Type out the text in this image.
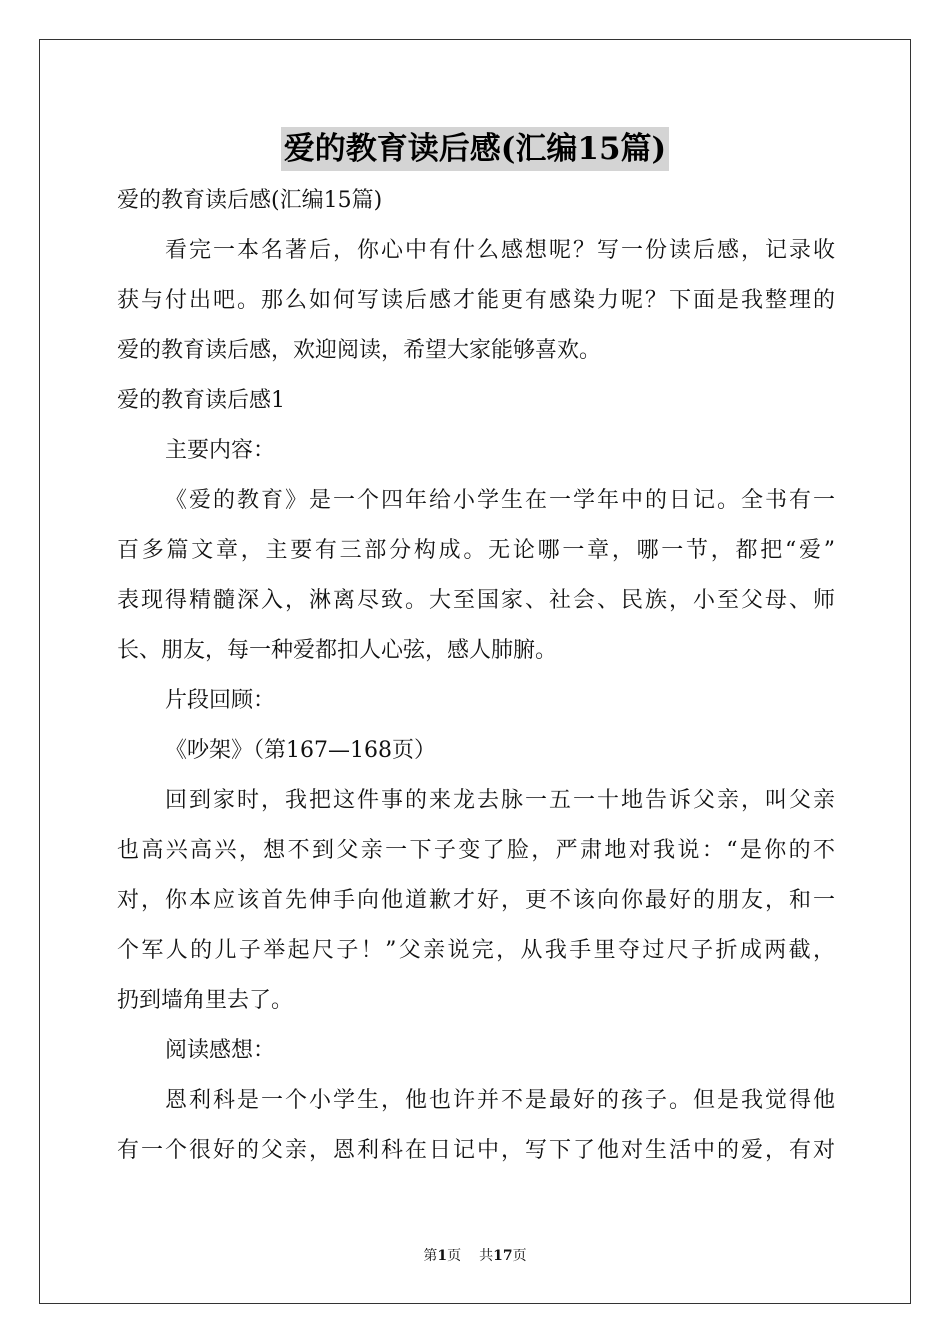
爱的教育读后感(汇编15篇)
爱的教育读后感(汇编15篇)
看完一本名著后，你心中有什么感想呢？写一份读后感，记录收
获与付出吧。那么如何写读后感才能更有感染力呢？下面是我整理的
爱的教育读后感，欢迎阅读，希望大家能够喜欢。
爱的教育读后感1
主要内容：
《爱的教育》是一个四年给小学生在一学年中的日记。全书有一
百多篇文章，主要有三部分构成。无论哪一章，哪一节，都把“爱”
表现得精髓深入，淋离尽致。大至国家、社会、民族，小至父母、师
长、朋友，每一种爱都扣人心弦，感人肺腑。
片段回顾：
《吵架》（第167—168页）
回到家时，我把这件事的来龙去脉一五一十地告诉父亲，叫父亲
也高兴高兴，想不到父亲一下子变了脸，严肃地对我说：“是你的不
对，你本应该首先伸手向他道歉才好，更不该向你最好的朋友，和一
个军人的儿子举起尺子！”父亲说完，从我手里夺过尺子折成两截，
扔到墙角里去了。
阅读感想：
恩利科是一个小学生，他也许并不是最好的孩子。但是我觉得他
有一个很好的父亲，恩利科在日记中，写下了他对生活中的爱，有对
第1页 共17页
